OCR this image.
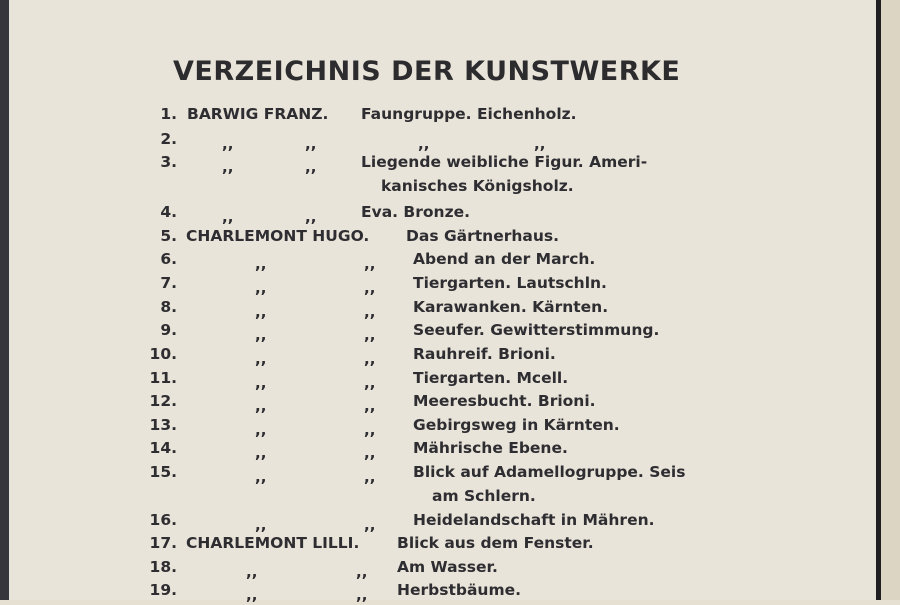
VERZEICHNIS DER KUNSTWERKE
1. BARWIG FRANZ. Faungruppe. Eichenholz.
2.	,,	,,	,,	,,
3.	,,	,,	Liegende weibliche Figur. Ameri-
kanisches Königsholz.
4.	,,	,,	Eva. Bronze.
5. CHARLEMONT HUGO. Das Gärtnerhaus.
6.	,,	,, Abend an der March.
7.	,,	,, Tiergarten. Lautschln.
8.	,,	,, Karawanken. Kärnten.
9.	,,	,, Seeufer. Gewitterstimmung.
10.	,,	,, Rauhreif. Brioni.
11.	,,	,, Tiergarten. Mcell.
12.	,,	,, Meeresbucht. Brioni.
13.	,,	,, Gebirgsweg in Kärnten.
14.	,,	,, Mährische Ebene.
15.	,,	,, Blick auf Adamellogruppe. Seis
am Schlern.
16.	,,	,, Heidelandschaft in Mähren.
17. CHARLEMONT LILLI. Blick aus dem Fenster.
18.	,,	,, Am Wasser.
19.	,,	,, Herbstbäume.
